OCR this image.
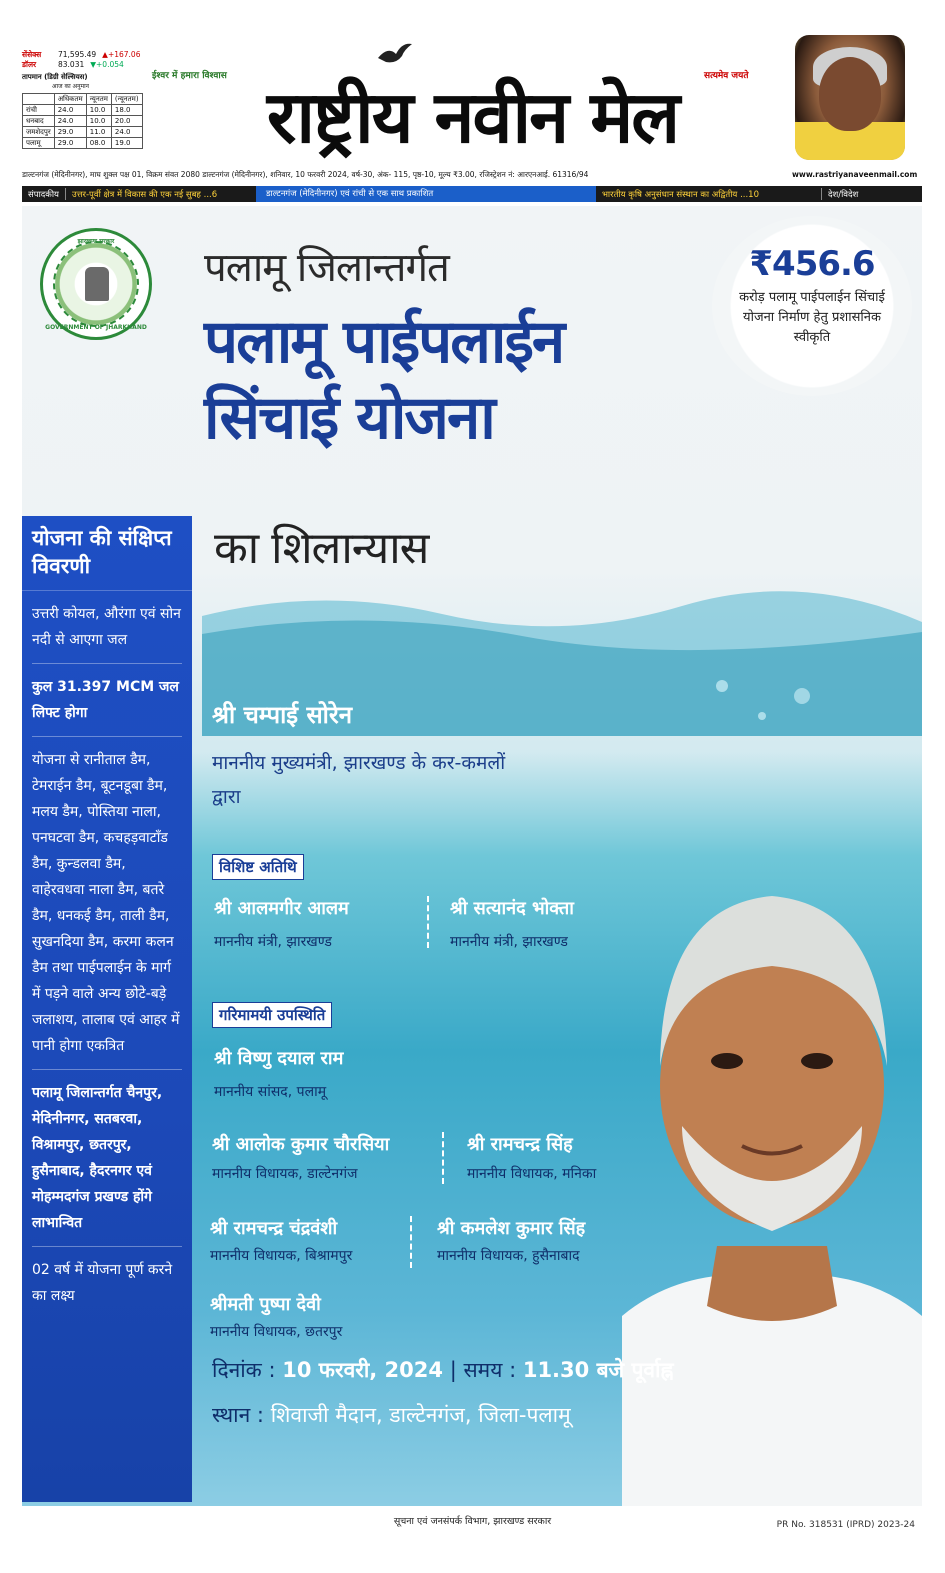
सेंसेक्स	71,595.49 ▲+167.06
डॉलर	83.031 ▼+0.054
तापमान (डिग्री सेल्सियस)
आज का अनुमान
	अधिकतम	न्यूनतम	(न्यूनतम)
रांची	24.0	10.0	18.0
धनबाद	24.0	10.0	20.0
जमशेदपुर	29.0	11.0	24.0
पलामू	29.0	08.0	19.0
ईश्वर में हमारा विश्वास राष्ट्रीय नवीन मेल	सत्यमेव जयते
डाल्टनगंज (मेदिनीनगर), माघ शुक्ल पक्ष 01, विक्रम संवत 2080 डाल्टनगंज (मेदिनीनगर), शनिवार, 10 फरवरी 2024, वर्ष-30, अंक- 115, पृष्ठ-10, मूल्य ₹3.00, रजिस्ट्रेशन नं: आरएनआई. 61316/94	www.rastriyanaveenmail.com
संपादकीय	उत्तर-पूर्वी क्षेत्र में विकास की एक नई सुबह ...6	डाल्टनगंज (मेदिनीनगर) एवं रांची से एक साथ प्रकाशित	भारतीय कृषि अनुसंधान संस्थान का अद्वितीय ...10	देश/विदेश
झारखण्ड सरकार
GOVERNMENT OF JHARKHAND
पलामू जिलान्तर्गत
पलामू पाईपलाईन
सिंचाई योजना
का शिलान्यास
₹456.6
करोड़ पलामू पाईपलाईन सिंचाई योजना निर्माण हेतु प्रशासनिक स्वीकृति
योजना की संक्षिप्त विवरणी
उत्तरी कोयल, औरंगा एवं सोन नदी से आएगा जल
कुल 31.397 MCM जल लिफ्ट होगा
योजना से रानीताल डैम, टेमराईन डैम, बूटनडूबा डैम, मलय डैम, पोस्तिया नाला, पनघटवा डैम, कचहड़वाटाँड डैम, कुन्डलवा डैम, वाहेरवधवा नाला डैम, बतरे डैम, धनकई डैम, ताली डैम, सुखनदिया डैम, करमा कलन डैम तथा पाईपलाईन के मार्ग में पड़ने वाले अन्य छोटे-बड़े जलाशय, तालाब एवं आहर में पानी होगा एकत्रित
पलामू जिलान्तर्गत चैनपुर, मेदिनीनगर, सतबरवा, विश्रामपुर, छतरपुर, हुसैनाबाद, हैदरनगर एवं मोहम्मदगंज प्रखण्ड होंगे लाभान्वित
02 वर्ष में योजना पूर्ण करने का लक्ष्य
श्री चम्पाई सोरेन
माननीय मुख्यमंत्री, झारखण्ड के कर-कमलों द्वारा
विशिष्ट अतिथि
श्री आलमगीर आलम
माननीय मंत्री, झारखण्ड
श्री सत्यानंद भोक्ता
माननीय मंत्री, झारखण्ड
गरिमामयी उपस्थिति
श्री विष्णु दयाल राम
माननीय सांसद, पलामू
श्री आलोक कुमार चौरसिया
माननीय विधायक, डाल्टेनगंज
श्री रामचन्द्र सिंह
माननीय विधायक, मनिका
श्री रामचन्द्र चंद्रवंशी
माननीय विधायक, बिश्रामपुर
श्री कमलेश कुमार सिंह
माननीय विधायक, हुसैनाबाद
श्रीमती पुष्पा देवी
माननीय विधायक, छतरपुर
दिनांक : 10 फरवरी, 2024 | समय : 11.30 बजे पूर्वाह्न
स्थान : शिवाजी मैदान, डाल्टेनगंज, जिला-पलामू
सूचना एवं जनसंपर्क विभाग, झारखण्ड सरकार	PR No. 318531 (IPRD) 2023-24
